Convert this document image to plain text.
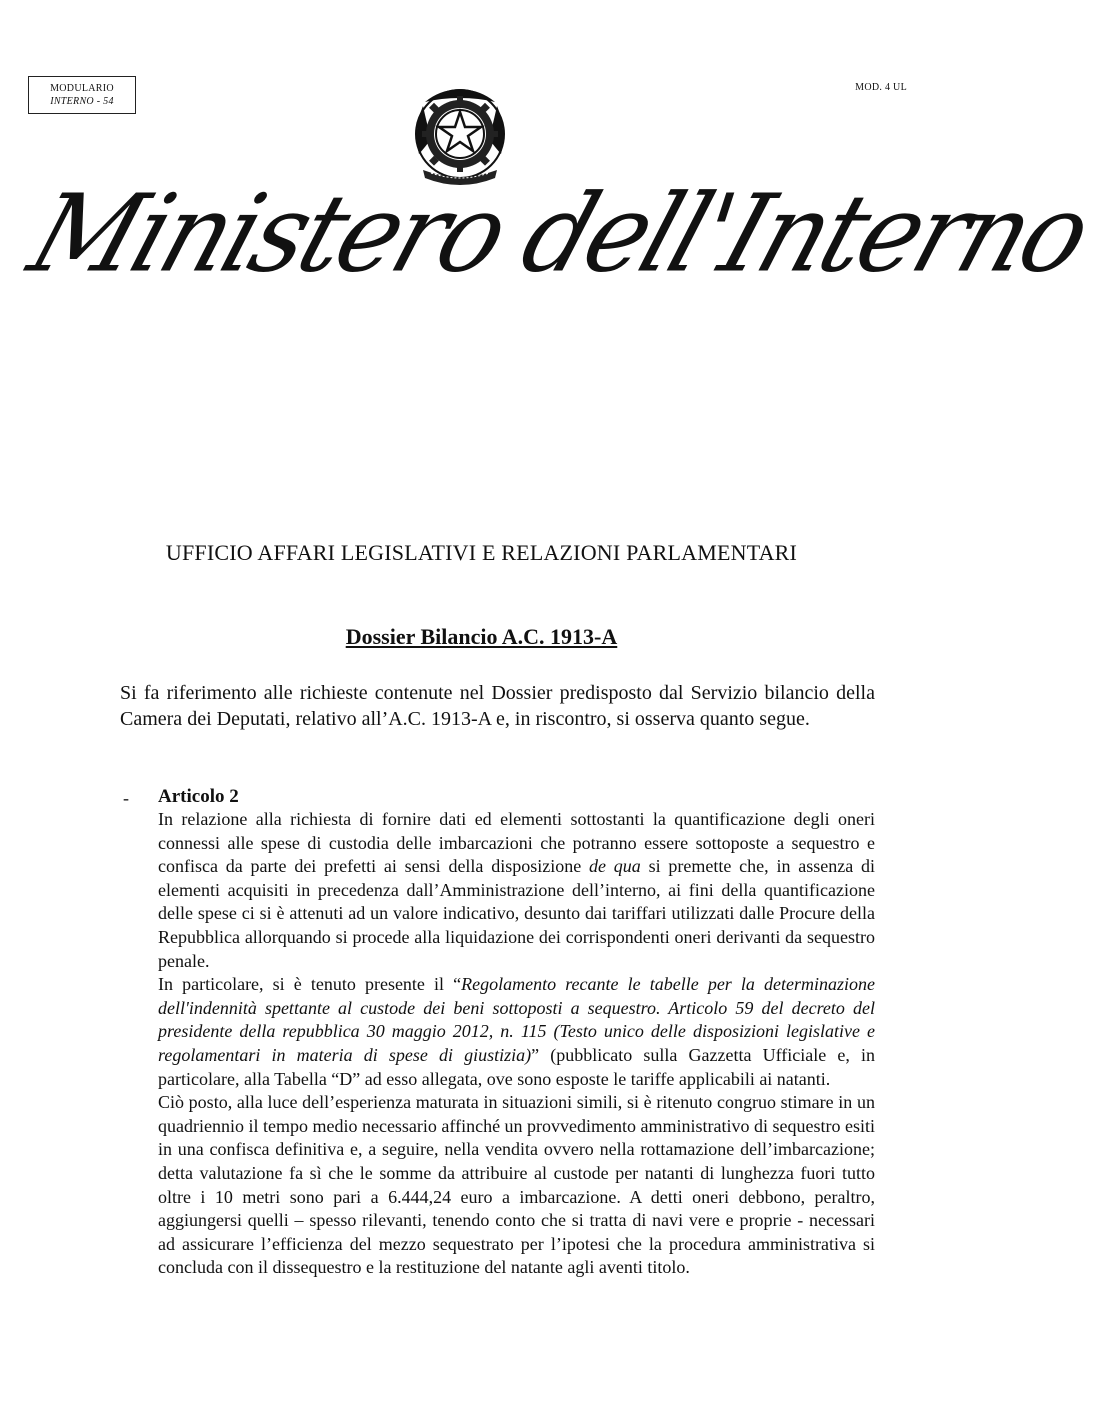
MODULARIO
INTERNO - 54
MOD. 4 UL
Ministero dell'Interno
UFFICIO AFFARI LEGISLATIVI E RELAZIONI PARLAMENTARI
Dossier Bilancio A.C. 1913-A
Si fa riferimento alle richieste contenute nel Dossier predisposto dal Servizio bilancio della Camera dei Deputati, relativo all’A.C. 1913-A e, in riscontro, si osserva quanto segue.
- Articolo 2

In relazione alla richiesta di fornire dati ed elementi sottostanti la quantificazione degli oneri connessi alle spese di custodia delle imbarcazioni che potranno essere sottoposte a sequestro e confisca da parte dei prefetti ai sensi della disposizione de qua si premette che, in assenza di elementi acquisiti in precedenza dall’Amministrazione dell’interno, ai fini della quantificazione delle spese ci si è attenuti ad un valore indicativo, desunto dai tariffari utilizzati dalle Procure della Repubblica allorquando si procede alla liquidazione dei corrispondenti oneri derivanti da sequestro penale.

In particolare, si è tenuto presente il “Regolamento recante le tabelle per la determinazione dell'indennità spettante al custode dei beni sottoposti a sequestro. Articolo 59 del decreto del presidente della repubblica 30 maggio 2012, n. 115 (Testo unico delle disposizioni legislative e regolamentari in materia di spese di giustizia)” (pubblicato sulla Gazzetta Ufficiale e, in particolare, alla Tabella “D” ad esso allegata, ove sono esposte le tariffe applicabili ai natanti.

Ciò posto, alla luce dell’esperienza maturata in situazioni simili, si è ritenuto congruo stimare in un quadriennio il tempo medio necessario affinché un provvedimento amministrativo di sequestro esiti in una confisca definitiva e, a seguire, nella vendita ovvero nella rottamazione dell’imbarcazione; detta valutazione fa sì che le somme da attribuire al custode per natanti di lunghezza fuori tutto oltre i 10 metri sono pari a 6.444,24 euro a imbarcazione. A detti oneri debbono, peraltro, aggiungersi quelli – spesso rilevanti, tenendo conto che si tratta di navi vere e proprie - necessari ad assicurare l’efficienza del mezzo sequestrato per l’ipotesi che la procedura amministrativa si concluda con il dissequestro e la restituzione del natante agli aventi titolo.
